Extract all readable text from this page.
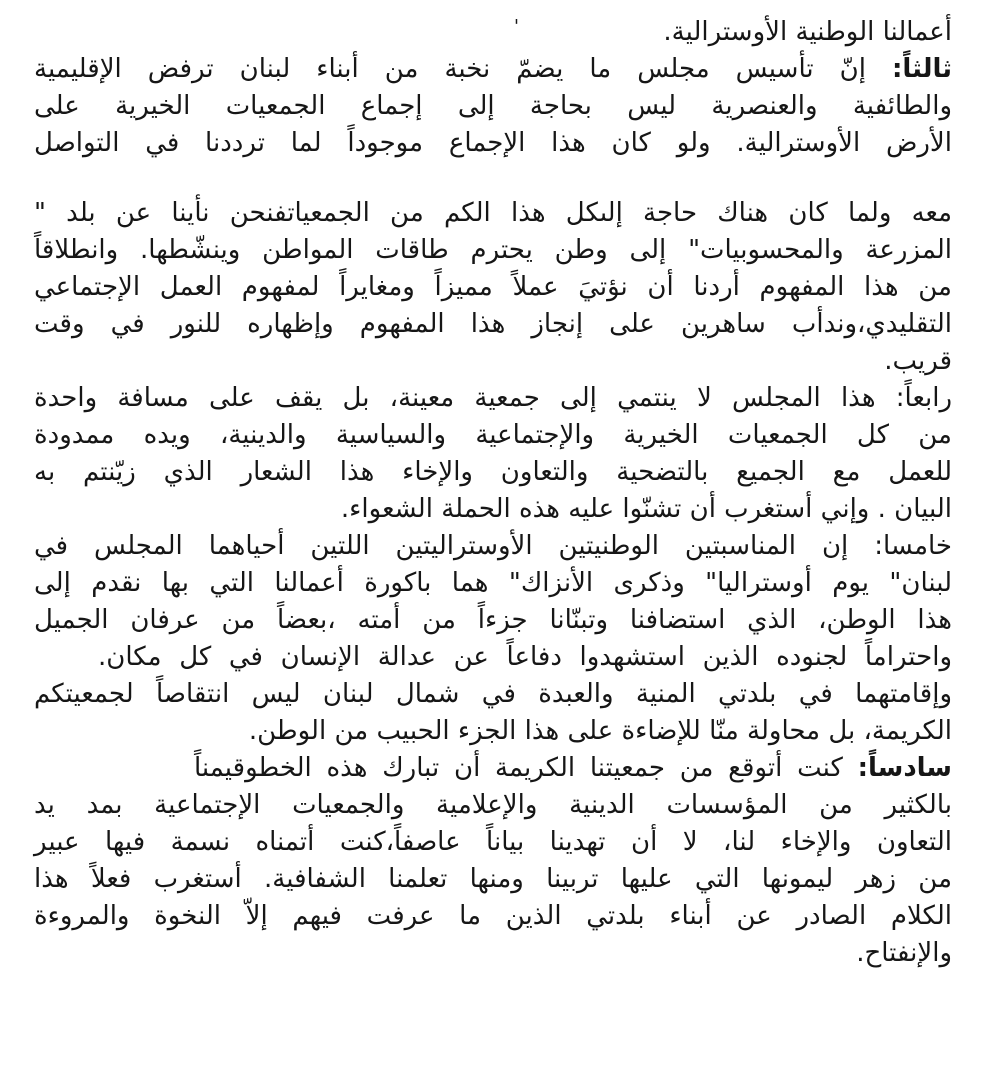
'	أعمالنا الوطنية الأوسترالية.
ثالثاً: إنّ تأسيس مجلس ما يضمّ نخبة من أبناء لبنان ترفض الإقليمية
والطائفية والعنصرية ليس بحاجة إلى إجماع الجمعيات الخيرية على
الأرض الأوسترالية. ولو كان هذا الإجماع موجوداً لما ترددنا في التواصل
معه ولما كان هناك حاجة إلىكل هذا الكم من الجمعياتفنحن نأينا عن بلد "
المزرعة والمحسوبيات" إلى وطن يحترم طاقات المواطن وينشّطها. وانطلاقاً
من هذا المفهوم أردنا أن نؤتيَ عملاً مميزاً ومغايراً لمفهوم العمل الإجتماعي
التقليدي،وندأب ساهرين على إنجاز هذا المفهوم وإظهاره للنور في وقت
قريب.
رابعاً: هذا المجلس لا ينتمي إلى جمعية معينة، بل يقف على مسافة واحدة
من كل الجمعيات الخيرية والإجتماعية والسياسية والدينية، ويده ممدودة
للعمل مع الجميع بالتضحية والتعاون والإخاء هذا الشعار الذي زيّنتم به
البيان . وإني أستغرب أن تشنّوا عليه هذه الحملة الشعواء.
خامسا: إن المناسبتين الوطنيتين الأوستراليتين اللتين أحياهما المجلس في
لبنان" يوم أوستراليا" وذكرى الأنزاك" هما باكورة أعمالنا التي بها نقدم إلى
هذا الوطن، الذي استضافنا وتبنّانا جزءاً من أمته ،بعضاً من عرفان الجميل
واحتراماً لجنوده الذين استشهدوا دفاعاً عن عدالة الإنسان في كل مكان.
وإقامتهما في بلدتي المنية والعبدة في شمال لبنان ليس انتقاصاً لجمعيتكم
الكريمة، بل محاولة منّا للإضاءة على هذا الجزء الحبيب من الوطن.
سادساً: كنت أتوقع من جمعيتنا الكريمة أن تبارك هذه الخطوقيمناً
بالكثير من المؤسسات الدينية والإعلامية والجمعيات الإجتماعية بمد يد
التعاون والإخاء لنا، لا أن تهدينا بياناً عاصفاً،كنت أتمناه نسمة فيها عبير
من زهر ليمونها التي عليها تربينا ومنها تعلمنا الشفافية. أستغرب فعلاً هذا
الكلام الصادر عن أبناء بلدتي الذين ما عرفت فيهم إلاّ النخوة والمروءة
والإنفتاح.
